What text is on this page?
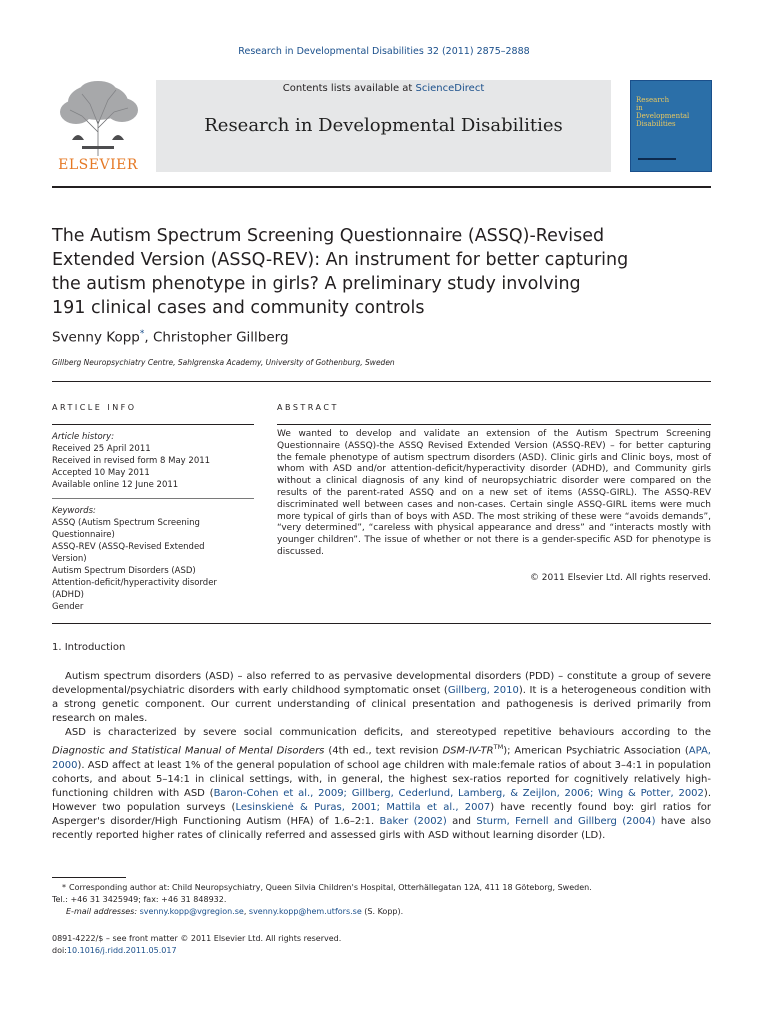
Research in Developmental Disabilities 32 (2011) 2875–2888
ELSEVIER
Contents lists available at ScienceDirect
Research in Developmental Disabilities
Research
in
Developmental
Disabilities
The Autism Spectrum Screening Questionnaire (ASSQ)-Revised
Extended Version (ASSQ-REV): An instrument for better capturing
the autism phenotype in girls? A preliminary study involving
191 clinical cases and community controls
Svenny Kopp*, Christopher Gillberg
Gillberg Neuropsychiatry Centre, Sahlgrenska Academy, University of Gothenburg, Sweden
ARTICLE INFO	ABSTRACT
Article history:
Received 25 April 2011
Received in revised form 8 May 2011
Accepted 10 May 2011
Available online 12 June 2011
Keywords:
ASSQ (Autism Spectrum Screening
Questionnaire)
ASSQ-REV (ASSQ-Revised Extended
Version)
Autism Spectrum Disorders (ASD)
Attention-deficit/hyperactivity disorder
(ADHD)
Gender
We wanted to develop and validate an extension of the Autism Spectrum Screening Questionnaire (ASSQ)-the ASSQ Revised Extended Version (ASSQ-REV) – for better capturing the female phenotype of autism spectrum disorders (ASD). Clinic girls and Clinic boys, most of whom with ASD and/or attention-deficit/hyperactivity disorder (ADHD), and Community girls without a clinical diagnosis of any kind of neuropsychiatric disorder were compared on the results of the parent-rated ASSQ and on a new set of items (ASSQ-GIRL). The ASSQ-REV discriminated well between cases and non-cases. Certain single ASSQ-GIRL items were much more typical of girls than of boys with ASD. The most striking of these were “avoids demands”, “very determined”, “careless with physical appearance and dress” and “interacts mostly with younger children”. The issue of whether or not there is a gender-specific ASD for phenotype is discussed.
© 2011 Elsevier Ltd. All rights reserved.
1. Introduction

Autism spectrum disorders (ASD) – also referred to as pervasive developmental disorders (PDD) – constitute a group of severe developmental/psychiatric disorders with early childhood symptomatic onset (Gillberg, 2010). It is a heterogeneous condition with a strong genetic component. Our current understanding of clinical presentation and pathogenesis is derived primarily from research on males.

ASD is characterized by severe social communication deficits, and stereotyped repetitive behaviours according to the Diagnostic and Statistical Manual of Mental Disorders (4th ed., text revision DSM-IV-TR™); American Psychiatric Association (APA, 2000). ASD affect at least 1% of the general population of school age children with male:female ratios of about 3–4:1 in population cohorts, and about 5–14:1 in clinical settings, with, in general, the highest sex-ratios reported for cognitively relatively high-functioning children with ASD (Baron-Cohen et al., 2009; Gillberg, Cederlund, Lamberg, & Zeijlon, 2006; Wing & Potter, 2002). However two population surveys (Lesinskienė & Puras, 2001; Mattila et al., 2007) have recently found boy: girl ratios for Asperger's disorder/High Functioning Autism (HFA) of 1.6–2:1. Baker (2002) and Sturm, Fernell and Gillberg (2004) have also recently reported higher rates of clinically referred and assessed girls with ASD without learning disorder (LD).

* Corresponding author at: Child Neuropsychiatry, Queen Silvia Children's Hospital, Otterhällegatan 12A, 411 18 Göteborg, Sweden.
Tel.: +46 31 3425949; fax: +46 31 848932.
E-mail addresses: svenny.kopp@vgregion.se, svenny.kopp@hem.utfors.se (S. Kopp).
0891-4222/$ – see front matter © 2011 Elsevier Ltd. All rights reserved.
doi:10.1016/j.ridd.2011.05.017
